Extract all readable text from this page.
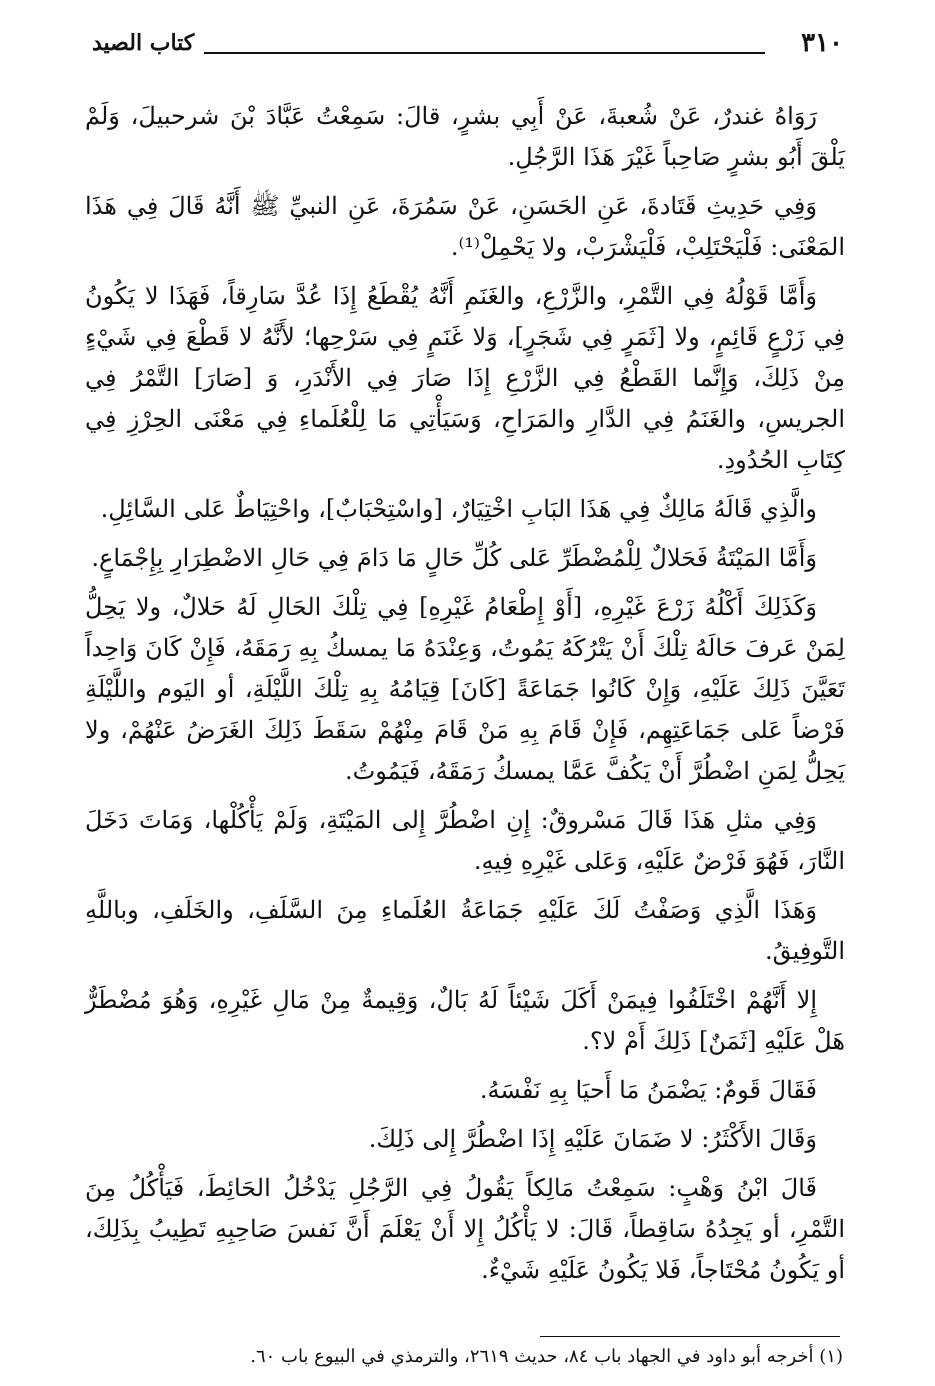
٣١٠
كتاب الصيد

رَوَاهُ غندرٌ، عَنْ شُعبةَ، عَنْ أَبِي بشرٍ، قالَ: سَمِعْتُ عَبَّادَ بْنَ شرحبيلَ، وَلَمْ يَلْقَ أَبُو بشرٍ صَاحِباً غَيْرَ هَذَا الرَّجُلِ.

وَفِي حَدِيثِ قَتَادةَ، عَنِ الحَسَنِ، عَنْ سَمُرَةَ، عَنِ النبيِّ ﷺ أَنَّهُ قَالَ فِي هَذَا المَعْنَى: فَلْيَحْتَلِبْ، فَلْيَشْرَبْ، ولا يَحْمِلْ⁽¹⁾.

وَأَمَّا قَوْلُهُ فِي التَّمْرِ، والزَّرْعِ، والغَنَمِ أَنَّهُ يُقْطَعُ إِذَا عُدَّ سَارِقاً، فَهَذَا لا يَكُونُ فِي زَرْعٍ قَائِمٍ، ولا [ثَمَرٍ فِي شَجَرٍ]، وَلا غَنَمٍ فِي سَرْحِها؛ لأَنَّهُ لا قَطْعَ فِي شَيْءٍ مِنْ ذَلِكَ، وَإِنَّما القَطْعُ فِي الزَّرْعِ إِذَا صَارَ فِي الأَنْدَرِ، وَ [صَارَ] التَّمْرُ فِي الجريسِ، والغَنَمُ فِي الدَّارِ والمَرَاحِ، وَسَيَأْتِي مَا لِلْعُلَماءِ فِي مَعْنَى الحِرْزِ فِي كِتَابِ الحُدُودِ.

والَّذِي قَالَهُ مَالِكٌ فِي هَذَا البَابِ اخْتِيَارٌ، [واسْتِحْبَابٌ]، واحْتِيَاطٌ عَلى السَّائِلِ.

وَأَمَّا المَيْتَةُ فَحَلالٌ لِلْمُضْطَرِّ عَلى كُلِّ حَالٍ مَا دَامَ فِي حَالِ الاضْطِرَارِ بِإِجْمَاعٍ.

وَكَذَلِكَ أَكْلُهُ زَرْعَ غَيْرِهِ، [أَوْ إِطْعَامُ غَيْرِهِ] فِي تِلْكَ الحَالِ لَهُ حَلالٌ، ولا يَحِلُّ لِمَنْ عَرفَ حَالَهُ تِلْكَ أَنْ يَتْرُكَهُ يَمُوتُ، وَعِنْدَهُ مَا يمسكُ بِهِ رَمَقَهُ، فَإِنْ كَانَ وَاحِداً تَعَيَّنَ ذَلِكَ عَلَيْهِ، وَإِنْ كَانُوا جَمَاعَةً [كَانَ] قِيَامُهُ بِهِ تِلْكَ اللَّيْلَةِ، أو اليَوم واللَّيْلَةِ فَرْضاً عَلى جَمَاعَتِهِم، فَإِنْ قَامَ بِهِ مَنْ قَامَ مِنْهُمْ سَقَطَ ذَلِكَ الغَرَضُ عَنْهُمْ، ولا يَحِلُّ لِمَنِ اضْطُرَّ أَنْ يَكُفَّ عَمَّا يمسكُ رَمَقَهُ، فَيَمُوتُ.

وَفِي مثلِ هَذَا قَالَ مَسْروقٌ: إِنِ اضْطُرَّ إِلى المَيْتَةِ، وَلَمْ يَأْكُلْها، وَمَاتَ دَخَلَ النَّارَ، فَهُوَ فَرْضٌ عَلَيْهِ، وَعَلى غَيْرِهِ فِيهِ.

وَهَذَا الَّذِي وَصَفْتُ لَكَ عَلَيْهِ جَمَاعَةُ العُلَماءِ مِنَ السَّلَفِ، والخَلَفِ، وباللَّهِ التَّوفِيقُ.

إِلا أَنَّهُمْ اخْتَلَفُوا فِيمَنْ أَكَلَ شَيْئاً لَهُ بَالٌ، وَقِيمةٌ مِنْ مَالِ غَيْرِهِ، وَهُوَ مُضْطَرٌّ هَلْ عَلَيْهِ [ثَمَنٌ] ذَلِكَ أَمْ لا؟.

فَقَالَ قَومٌ: يَضْمَنُ مَا أَحيَا بِهِ نَفْسَهُ.

وَقَالَ الأَكْثَرُ: لا ضَمَانَ عَلَيْهِ إِذَا اضْطُرَّ إِلى ذَلِكَ.

قَالَ ابْنُ وَهْبٍ: سَمِعْتُ مَالِكاً يَقُولُ فِي الرَّجُلِ يَدْخُلُ الحَائِطَ، فَيَأْكُلُ مِنَ التَّمْرِ، أو يَجِدُهُ سَاقِطاً، قَالَ: لا يَأْكُلُ إِلا أَنْ يَعْلَمَ أَنَّ نَفسَ صَاحِبِهِ تَطِيبُ بِذَلِكَ، أو يَكُونُ مُحْتَاجاً، فَلا يَكُونُ عَلَيْهِ شَيْءٌ.

(١) أخرجه أبو داود في الجهاد باب ٨٤، حديث ٢٦١٩، والترمذي في البيوع باب ٦٠.
